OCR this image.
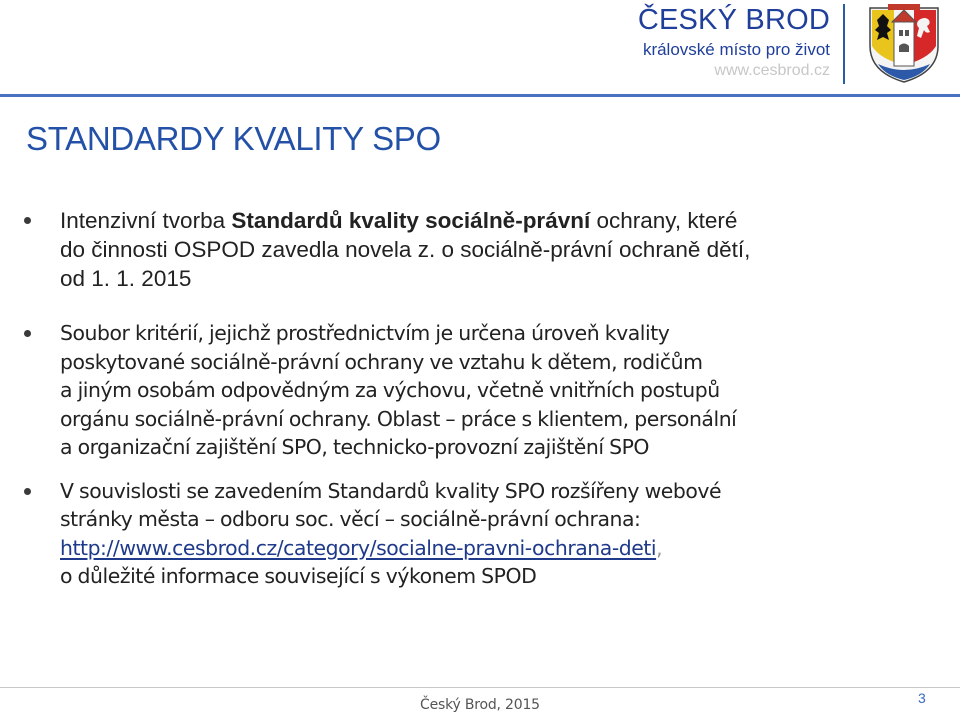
ČESKÝ BROD
královské místo pro život
www.cesbrod.cz
STANDARDY KVALITY SPO
Intenzivní tvorba Standardů kvality sociálně-právní ochrany, které
do činnosti OSPOD zavedla novela z. o sociálně-právní ochraně dětí,
od 1. 1. 2015
Soubor kritérií, jejichž prostřednictvím je určena úroveň kvality
poskytované sociálně-právní ochrany ve vztahu k dětem, rodičům
a jiným osobám odpovědným za výchovu, včetně vnitřních postupů
orgánu sociálně-právní ochrany. Oblast – práce s klientem, personální
a organizační zajištění SPO, technicko-provozní zajištění SPO
V souvislosti se zavedením Standardů kvality SPO rozšířeny webové
stránky města – odboru soc. věcí – sociálně-právní ochrana:
http://www.cesbrod.cz/category/socialne-pravni-ochrana-deti,
o důležité informace související s výkonem SPOD
Český Brod, 2015	3
